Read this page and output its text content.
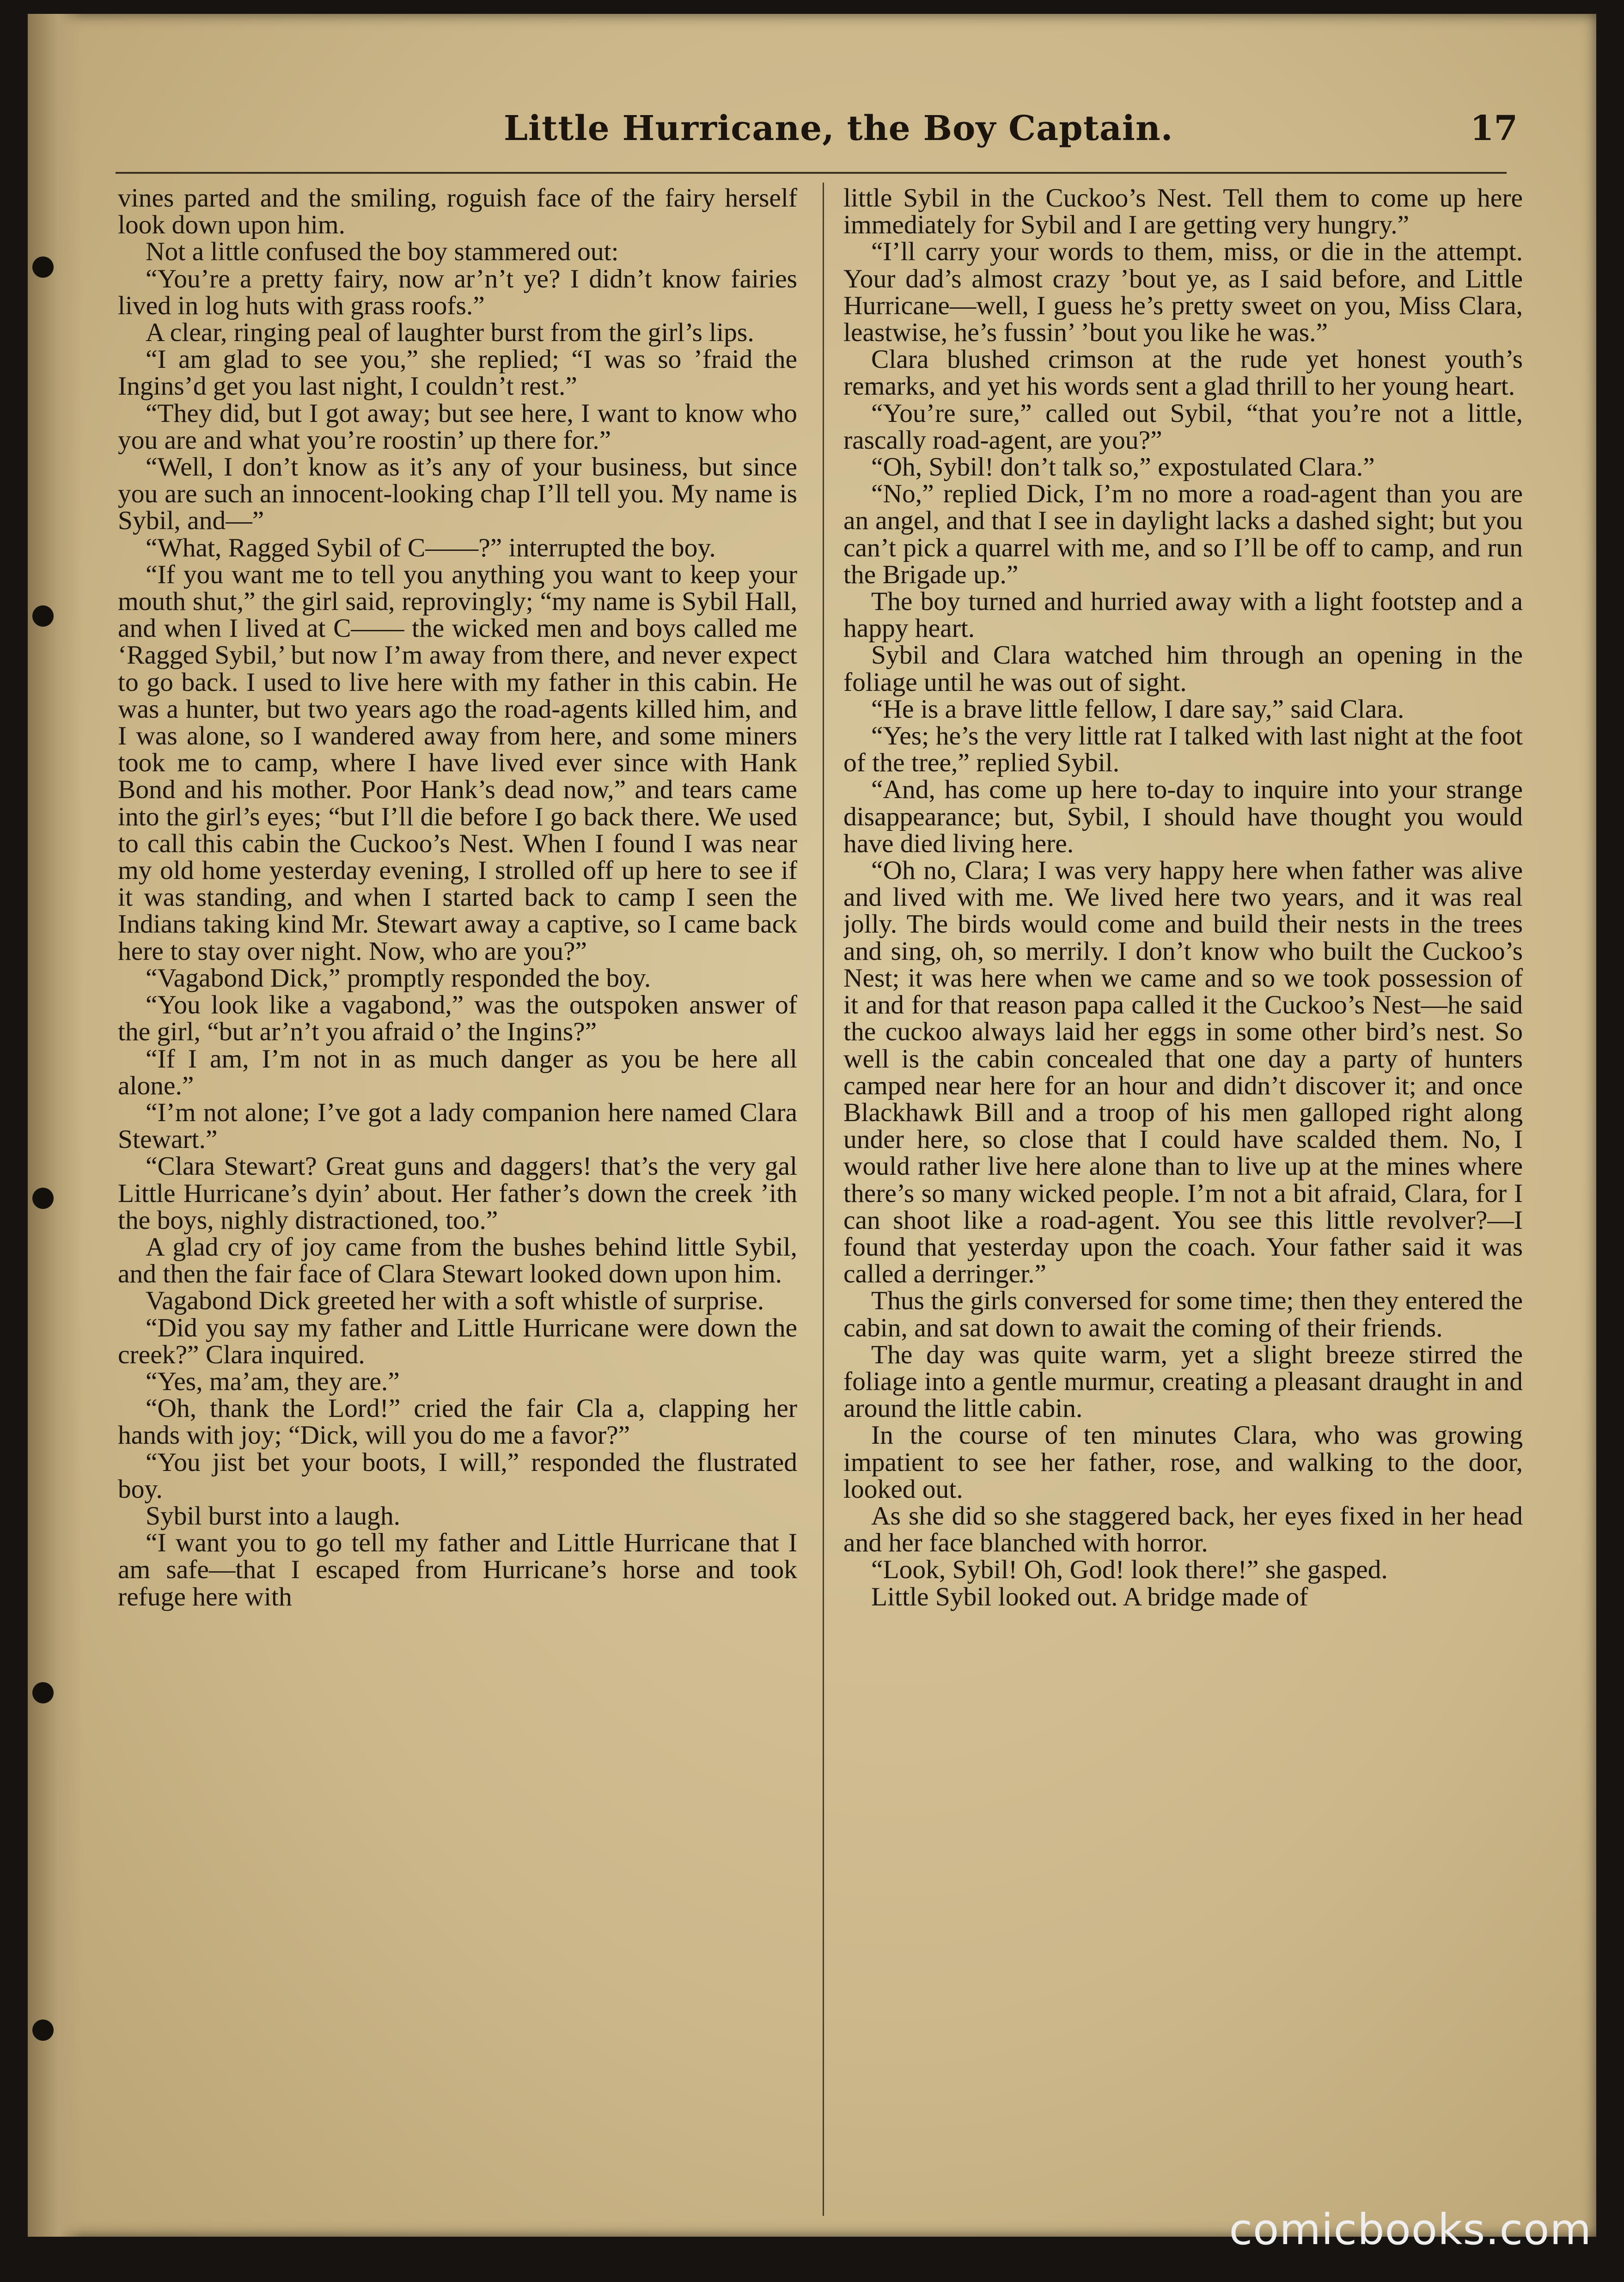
Little Hurricane, the Boy Captain.	17

vines parted and the smiling, roguish face of the fairy herself look down upon him.

Not a little confused the boy stammered out:

“You’re a pretty fairy, now ar’n’t ye? I didn’t know fairies lived in log huts with grass roofs.”

A clear, ringing peal of laughter burst from the girl’s lips.

“I am glad to see you,” she replied; “I was so ’fraid the Ingins’d get you last night, I couldn’t rest.”

“They did, but I got away; but see here, I want to know who you are and what you’re roostin’ up there for.”

“Well, I don’t know as it’s any of your business, but since you are such an innocent-looking chap I’ll tell you. My name is Sybil, and—”

“What, Ragged Sybil of C——?” interrupted the boy.

“If you want me to tell you anything you want to keep your mouth shut,” the girl said, reprovingly; “my name is Sybil Hall, and when I lived at C—— the wicked men and boys called me ‘Ragged Sybil,’ but now I’m away from there, and never expect to go back. I used to live here with my father in this cabin. He was a hunter, but two years ago the road-agents killed him, and I was alone, so I wandered away from here, and some miners took me to camp, where I have lived ever since with Hank Bond and his mother. Poor Hank’s dead now,” and tears came into the girl’s eyes; “but I’ll die before I go back there. We used to call this cabin the Cuckoo’s Nest. When I found I was near my old home yesterday evening, I strolled off up here to see if it was standing, and when I started back to camp I seen the Indians taking kind Mr. Stewart away a captive, so I came back here to stay over night. Now, who are you?”

“Vagabond Dick,” promptly responded the boy.

“You look like a vagabond,” was the outspoken answer of the girl, “but ar’n’t you afraid o’ the Ingins?”

“If I am, I’m not in as much danger as you be here all alone.”

“I’m not alone; I’ve got a lady companion here named Clara Stewart.”

“Clara Stewart? Great guns and daggers! that’s the very gal Little Hurricane’s dyin’ about. Her father’s down the creek ’ith the boys, nighly distractioned, too.”

A glad cry of joy came from the bushes behind little Sybil, and then the fair face of Clara Stewart looked down upon him.

Vagabond Dick greeted her with a soft whistle of surprise.

“Did you say my father and Little Hurricane were down the creek?” Clara inquired.

“Yes, ma’am, they are.”

“Oh, thank the Lord!” cried the fair Cla a, clapping her hands with joy; “Dick, will you do me a favor?”

“You jist bet your boots, I will,” responded the flustrated boy.

Sybil burst into a laugh.

“I want you to go tell my father and Little Hurricane that I am safe—that I escaped from Hurricane’s horse and took refuge here with

little Sybil in the Cuckoo’s Nest. Tell them to come up here immediately for Sybil and I are getting very hungry.”

“I’ll carry your words to them, miss, or die in the attempt. Your dad’s almost crazy ’bout ye, as I said before, and Little Hurricane—well, I guess he’s pretty sweet on you, Miss Clara, leastwise, he’s fussin’ ’bout you like he was.”

Clara blushed crimson at the rude yet honest youth’s remarks, and yet his words sent a glad thrill to her young heart.

“You’re sure,” called out Sybil, “that you’re not a little, rascally road-agent, are you?”

“Oh, Sybil! don’t talk so,” expostulated Clara.”

“No,” replied Dick, I’m no more a road-agent than you are an angel, and that I see in daylight lacks a dashed sight; but you can’t pick a quarrel with me, and so I’ll be off to camp, and run the Brigade up.”

The boy turned and hurried away with a light footstep and a happy heart.

Sybil and Clara watched him through an opening in the foliage until he was out of sight.

“He is a brave little fellow, I dare say,” said Clara.

“Yes; he’s the very little rat I talked with last night at the foot of the tree,” replied Sybil.

“And, has come up here to-day to inquire into your strange disappearance; but, Sybil, I should have thought you would have died living here.

“Oh no, Clara; I was very happy here when father was alive and lived with me. We lived here two years, and it was real jolly. The birds would come and build their nests in the trees and sing, oh, so merrily. I don’t know who built the Cuckoo’s Nest; it was here when we came and so we took possession of it and for that reason papa called it the Cuckoo’s Nest—he said the cuckoo always laid her eggs in some other bird’s nest. So well is the cabin concealed that one day a party of hunters camped near here for an hour and didn’t discover it; and once Blackhawk Bill and a troop of his men galloped right along under here, so close that I could have scalded them. No, I would rather live here alone than to live up at the mines where there’s so many wicked people. I’m not a bit afraid, Clara, for I can shoot like a road-agent. You see this little revolver?—I found that yesterday upon the coach. Your father said it was called a derringer.”

Thus the girls conversed for some time; then they entered the cabin, and sat down to await the coming of their friends.

The day was quite warm, yet a slight breeze stirred the foliage into a gentle murmur, creating a pleasant draught in and around the little cabin.

In the course of ten minutes Clara, who was growing impatient to see her father, rose, and walking to the door, looked out.

As she did so she staggered back, her eyes fixed in her head and her face blanched with horror.

“Look, Sybil! Oh, God! look there!” she gasped.

Little Sybil looked out. A bridge made of

comicbooks.com
